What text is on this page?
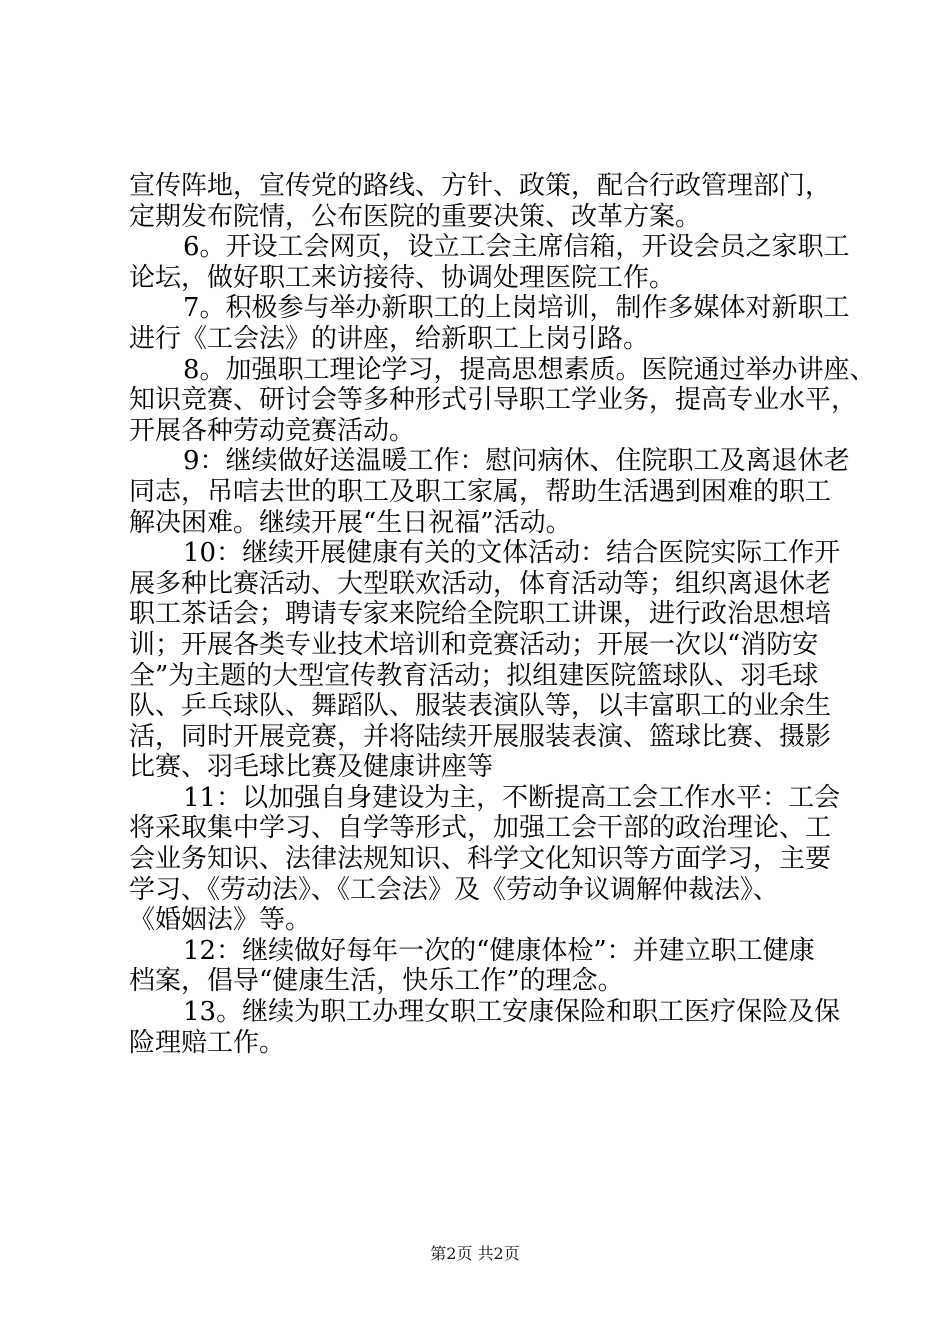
宣传阵地，宣传党的路线、方针、政策，配合行政管理部门，
定期发布院情，公布医院的重要决策、改革方案。
6。开设工会网页，设立工会主席信箱，开设会员之家职工
论坛，做好职工来访接待、协调处理医院工作。
7。积极参与举办新职工的上岗培训，制作多媒体对新职工
进行《工会法》的讲座，给新职工上岗引路。
8。加强职工理论学习，提高思想素质。医院通过举办讲座、
知识竞赛、研讨会等多种形式引导职工学业务，提高专业水平，
开展各种劳动竞赛活动。
9：继续做好送温暖工作：慰问病休、住院职工及离退休老
同志，吊唁去世的职工及职工家属，帮助生活遇到困难的职工
解决困难。继续开展“生日祝福”活动。
10：继续开展健康有关的文体活动：结合医院实际工作开
展多种比赛活动、大型联欢活动，体育活动等；组织离退休老
职工茶话会；聘请专家来院给全院职工讲课，进行政治思想培
训；开展各类专业技术培训和竞赛活动；开展一次以“消防安
全”为主题的大型宣传教育活动；拟组建医院篮球队、羽毛球
队、乒乓球队、舞蹈队、服装表演队等，以丰富职工的业余生
活，同时开展竞赛，并将陆续开展服装表演、篮球比赛、摄影
比赛、羽毛球比赛及健康讲座等
11：以加强自身建设为主，不断提高工会工作水平：工会
将采取集中学习、自学等形式，加强工会干部的政治理论、工
会业务知识、法律法规知识、科学文化知识等方面学习，主要
学习、《劳动法》、《工会法》及《劳动争议调解仲裁法》、
《婚姻法》等。
12：继续做好每年一次的“健康体检”：并建立职工健康
档案，倡导“健康生活，快乐工作”的理念。
13。继续为职工办理女职工安康保险和职工医疗保险及保
险理赔工作。
第2页 共2页
